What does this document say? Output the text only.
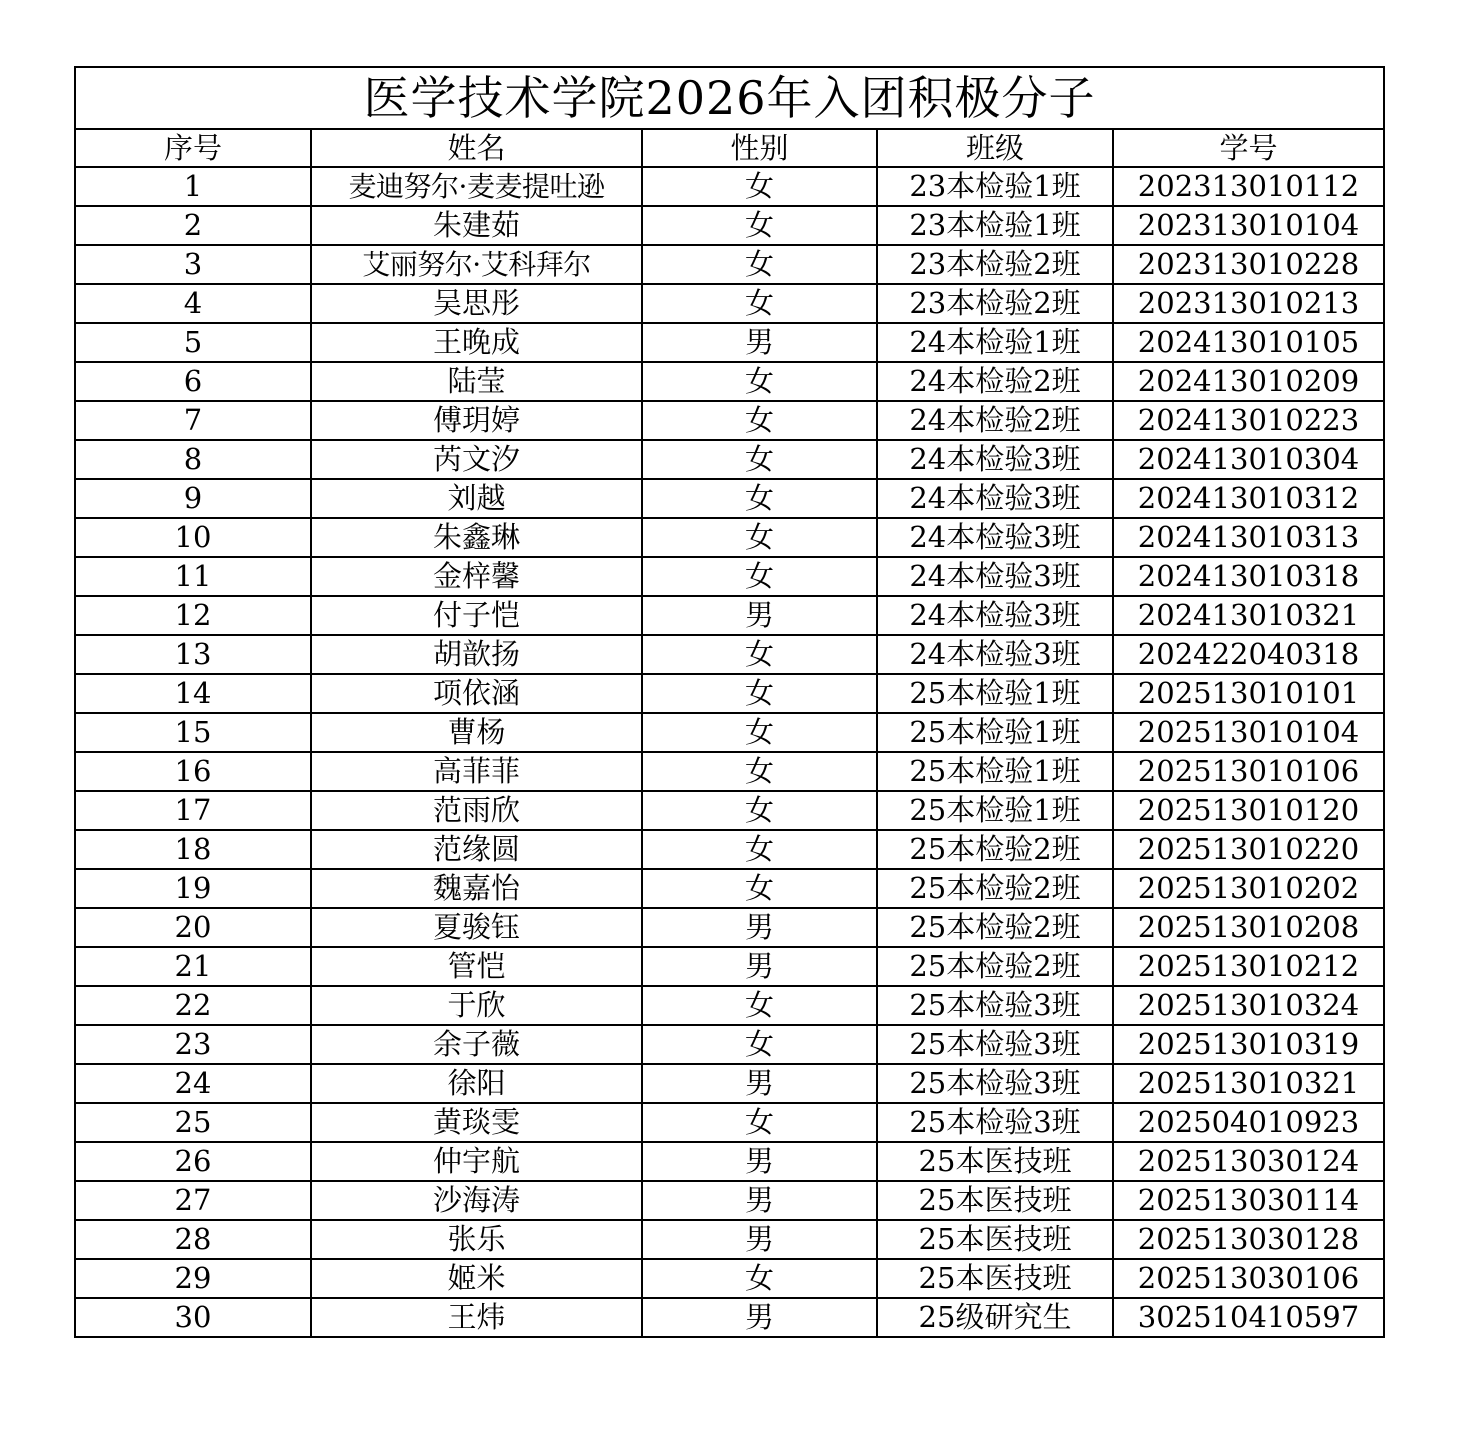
医学技术学院2026年入团积极分子				
序号	姓名	性别	班级	学号
1	麦迪努尔·麦麦提吐逊	女	23本检验1班	202313010112
2	朱建茹	女	23本检验1班	202313010104
3	艾丽努尔·艾科拜尔	女	23本检验2班	202313010228
4	吴思彤	女	23本检验2班	202313010213
5	王晚成	男	24本检验1班	202413010105
6	陆莹	女	24本检验2班	202413010209
7	傅玥婷	女	24本检验2班	202413010223
8	芮文汐	女	24本检验3班	202413010304
9	刘越	女	24本检验3班	202413010312
10	朱鑫琳	女	24本检验3班	202413010313
11	金梓馨	女	24本检验3班	202413010318
12	付子恺	男	24本检验3班	202413010321
13	胡歆扬	女	24本检验3班	202422040318
14	项依涵	女	25本检验1班	202513010101
15	曹杨	女	25本检验1班	202513010104
16	高菲菲	女	25本检验1班	202513010106
17	范雨欣	女	25本检验1班	202513010120
18	范缘圆	女	25本检验2班	202513010220
19	魏嘉怡	女	25本检验2班	202513010202
20	夏骏钰	男	25本检验2班	202513010208
21	管恺	男	25本检验2班	202513010212
22	于欣	女	25本检验3班	202513010324
23	余子薇	女	25本检验3班	202513010319
24	徐阳	男	25本检验3班	202513010321
25	黄琰雯	女	25本检验3班	202504010923
26	仲宇航	男	25本医技班	202513030124
27	沙海涛	男	25本医技班	202513030114
28	张乐	男	25本医技班	202513030128
29	姬米	女	25本医技班	202513030106
30	王炜	男	25级研究生	302510410597
